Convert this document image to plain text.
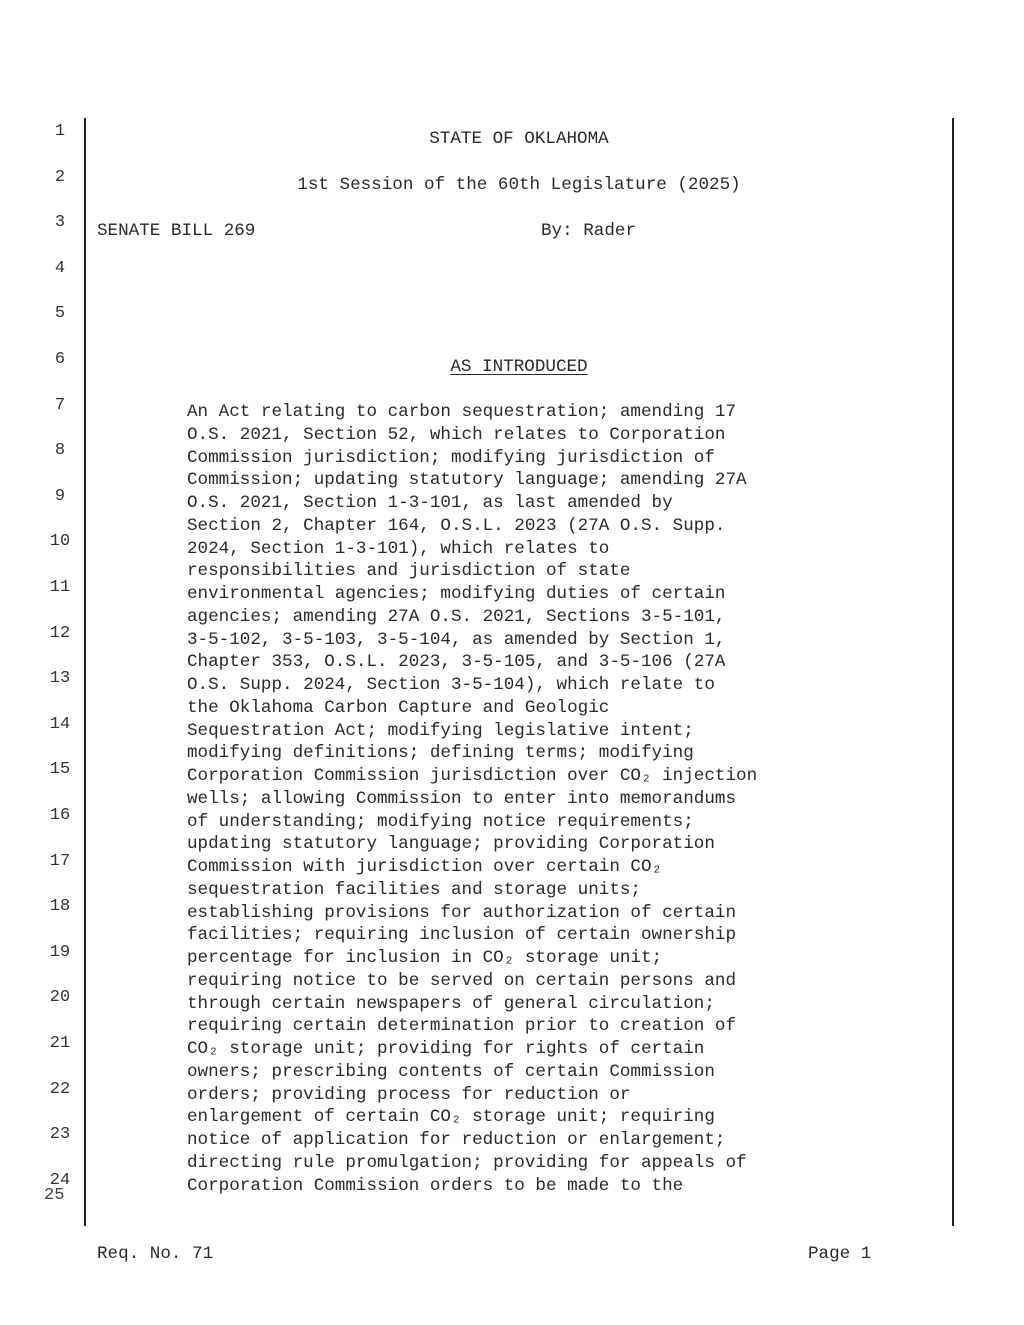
1
2
3
4
5
6
7
8
9
10
11
12
13
14
15
16
17
18
19
20
21
22
23
24
25
STATE OF OKLAHOMA
1st Session of the 60th Legislature (2025)
SENATE BILL 269	By: Rader
AS INTRODUCED
An Act relating to carbon sequestration; amending 17
O.S. 2021, Section 52, which relates to Corporation
Commission jurisdiction; modifying jurisdiction of
Commission; updating statutory language; amending 27A
O.S. 2021, Section 1-3-101, as last amended by
Section 2, Chapter 164, O.S.L. 2023 (27A O.S. Supp.
2024, Section 1-3-101), which relates to
responsibilities and jurisdiction of state
environmental agencies; modifying duties of certain
agencies; amending 27A O.S. 2021, Sections 3-5-101,
3-5-102, 3-5-103, 3-5-104, as amended by Section 1,
Chapter 353, O.S.L. 2023, 3-5-105, and 3-5-106 (27A
O.S. Supp. 2024, Section 3-5-104), which relate to
the Oklahoma Carbon Capture and Geologic
Sequestration Act; modifying legislative intent;
modifying definitions; defining terms; modifying
Corporation Commission jurisdiction over CO₂ injection
wells; allowing Commission to enter into memorandums
of understanding; modifying notice requirements;
updating statutory language; providing Corporation
Commission with jurisdiction over certain CO₂
sequestration facilities and storage units;
establishing provisions for authorization of certain
facilities; requiring inclusion of certain ownership
percentage for inclusion in CO₂ storage unit;
requiring notice to be served on certain persons and
through certain newspapers of general circulation;
requiring certain determination prior to creation of
CO₂ storage unit; providing for rights of certain
owners; prescribing contents of certain Commission
orders; providing process for reduction or
enlargement of certain CO₂ storage unit; requiring
notice of application for reduction or enlargement;
directing rule promulgation; providing for appeals of
Corporation Commission orders to be made to the
Req. No. 71	Page 1
